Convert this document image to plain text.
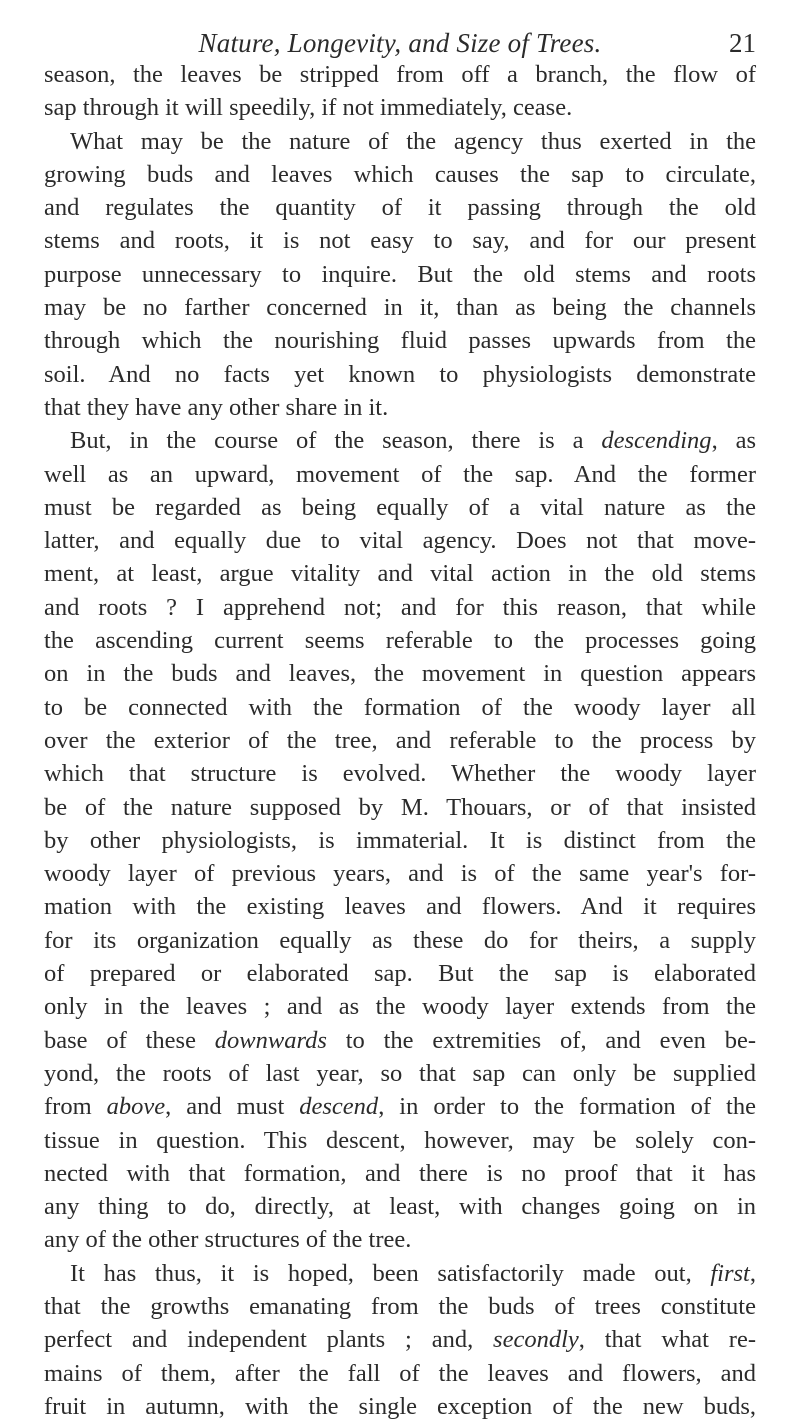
Nature, Longevity, and Size of Trees.	21
season, the leaves be stripped from off a branch, the flow of
sap through it will speedily, if not immediately, cease.
What may be the nature of the agency thus exerted in the
growing buds and leaves which causes the sap to circulate,
and regulates the quantity of it passing through the old
stems and roots, it is not easy to say, and for our present
purpose unnecessary to inquire. But the old stems and roots
may be no farther concerned in it, than as being the channels
through which the nourishing fluid passes upwards from the
soil. And no facts yet known to physiologists demonstrate
that they have any other share in it.
But, in the course of the season, there is a descending, as
well as an upward, movement of the sap. And the former
must be regarded as being equally of a vital nature as the
latter, and equally due to vital agency. Does not that move-
ment, at least, argue vitality and vital action in the old stems
and roots ? I apprehend not; and for this reason, that while
the ascending current seems referable to the processes going
on in the buds and leaves, the movement in question appears
to be connected with the formation of the woody layer all
over the exterior of the tree, and referable to the process by
which that structure is evolved. Whether the woody layer
be of the nature supposed by M. Thouars, or of that insisted
by other physiologists, is immaterial. It is distinct from the
woody layer of previous years, and is of the same year's for-
mation with the existing leaves and flowers. And it requires
for its organization equally as these do for theirs, a supply
of prepared or elaborated sap. But the sap is elaborated
only in the leaves ; and as the woody layer extends from the
base of these downwards to the extremities of, and even be-
yond, the roots of last year, so that sap can only be supplied
from above, and must descend, in order to the formation of the
tissue in question. This descent, however, may be solely con-
nected with that formation, and there is no proof that it has
any thing to do, directly, at least, with changes going on in
any of the other structures of the tree.
It has thus, it is hoped, been satisfactorily made out, first,
that the growths emanating from the buds of trees constitute
perfect and independent plants ; and, secondly, that what re-
mains of them, after the fall of the leaves and flowers, and
fruit in autumn, with the single exception of the new buds,
